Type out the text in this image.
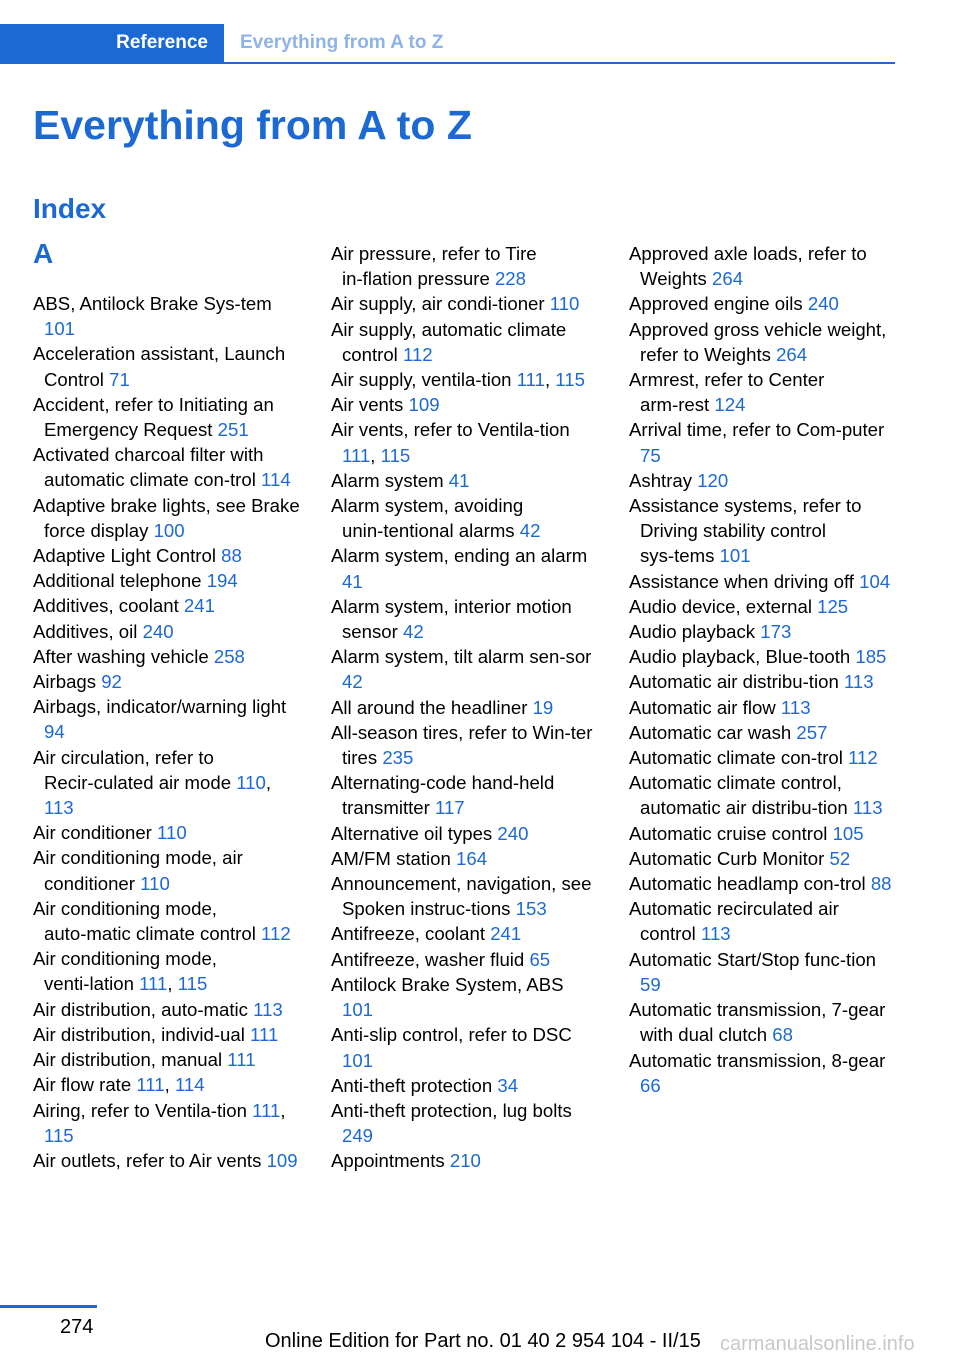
Reference Everything from A to Z
Everything from A to Z
Index
A
ABS, Antilock Brake Sys‑tem 101
Acceleration assistant, Launch Control 71
Accident, refer to Initiating an Emergency Request 251
Activated charcoal filter with automatic climate con‑trol 114
Adaptive brake lights, see Brake force display 100
Adaptive Light Control 88
Additional telephone 194
Additives, coolant 241
Additives, oil 240
After washing vehicle 258
Airbags 92
Airbags, indicator/warning light 94
Air circulation, refer to Recir‑culated air mode 110, 113
Air conditioner 110
Air conditioning mode, air conditioner 110
Air conditioning mode, auto‑matic climate control 112
Air conditioning mode, venti‑lation 111, 115
Air distribution, auto‑matic 113
Air distribution, individ‑ual 111
Air distribution, manual 111
Air flow rate 111, 114
Airing, refer to Ventila‑tion 111, 115
Air outlets, refer to Air vents 109
Air pressure, refer to Tire in‑flation pressure 228
Air supply, air condi‑tioner 110
Air supply, automatic climate control 112
Air supply, ventila‑tion 111, 115
Air vents 109
Air vents, refer to Ventila‑tion 111, 115
Alarm system 41
Alarm system, avoiding unin‑tentional alarms 42
Alarm system, ending an alarm 41
Alarm system, interior motion sensor 42
Alarm system, tilt alarm sen‑sor 42
All around the headliner 19
All-season tires, refer to Win‑ter tires 235
Alternating-code hand-held transmitter 117
Alternative oil types 240
AM/FM station 164
Announcement, navigation, see Spoken instruc‑tions 153
Antifreeze, coolant 241
Antifreeze, washer fluid 65
Antilock Brake System, ABS 101
Anti-slip control, refer to DSC 101
Anti-theft protection 34
Anti-theft protection, lug bolts 249
Appointments 210
Approved axle loads, refer to Weights 264
Approved engine oils 240
Approved gross vehicle weight, refer to Weights 264
Armrest, refer to Center arm‑rest 124
Arrival time, refer to Com‑puter 75
Ashtray 120
Assistance systems, refer to Driving stability control sys‑tems 101
Assistance when driving off 104
Audio device, external 125
Audio playback 173
Audio playback, Blue‑tooth 185
Automatic air distribu‑tion 113
Automatic air flow 113
Automatic car wash 257
Automatic climate con‑trol 112
Automatic climate control, automatic air distribu‑tion 113
Automatic cruise control 105
Automatic Curb Monitor 52
Automatic headlamp con‑trol 88
Automatic recirculated air control 113
Automatic Start/Stop func‑tion 59
Automatic transmission, 7-gear with dual clutch 68
Automatic transmission, 8-gear 66
274
Online Edition for Part no. 01 40 2 954 104 - II/15 carmanualsonline.info
